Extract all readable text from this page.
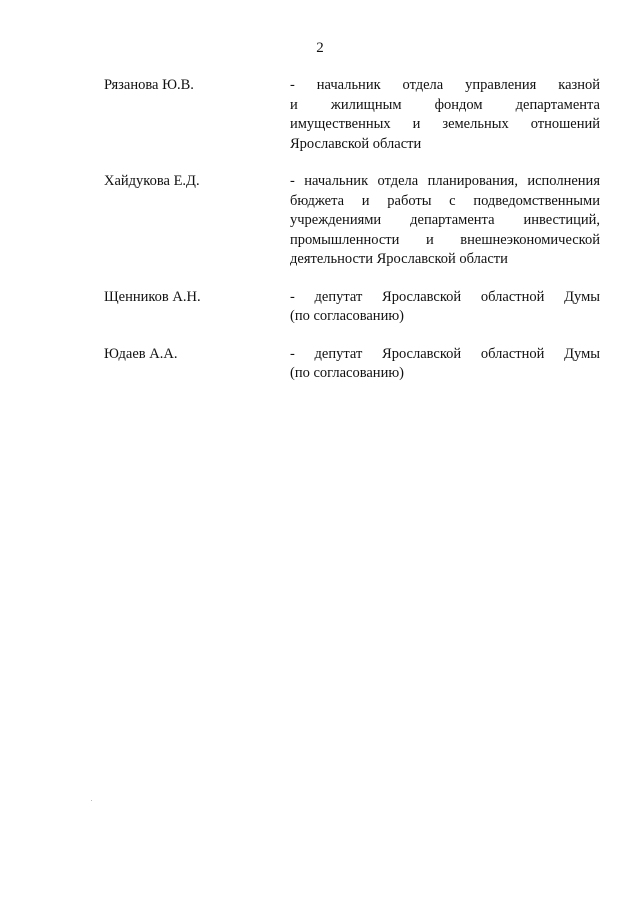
2
Рязанова Ю.В.	- начальник отдела управления казной
и жилищным фондом департамента
имущественных и земельных отношений
Ярославской области
Хайдукова Е.Д.	- начальник отдела планирования, исполнения
бюджета и работы с подведомственными
учреждениями департамента инвестиций,
промышленности и внешнеэкономической
деятельности Ярославской области
Щенников А.Н.	- депутат Ярославской областной Думы
(по согласованию)
Юдаев А.А.	- депутат Ярославской областной Думы
(по согласованию)
